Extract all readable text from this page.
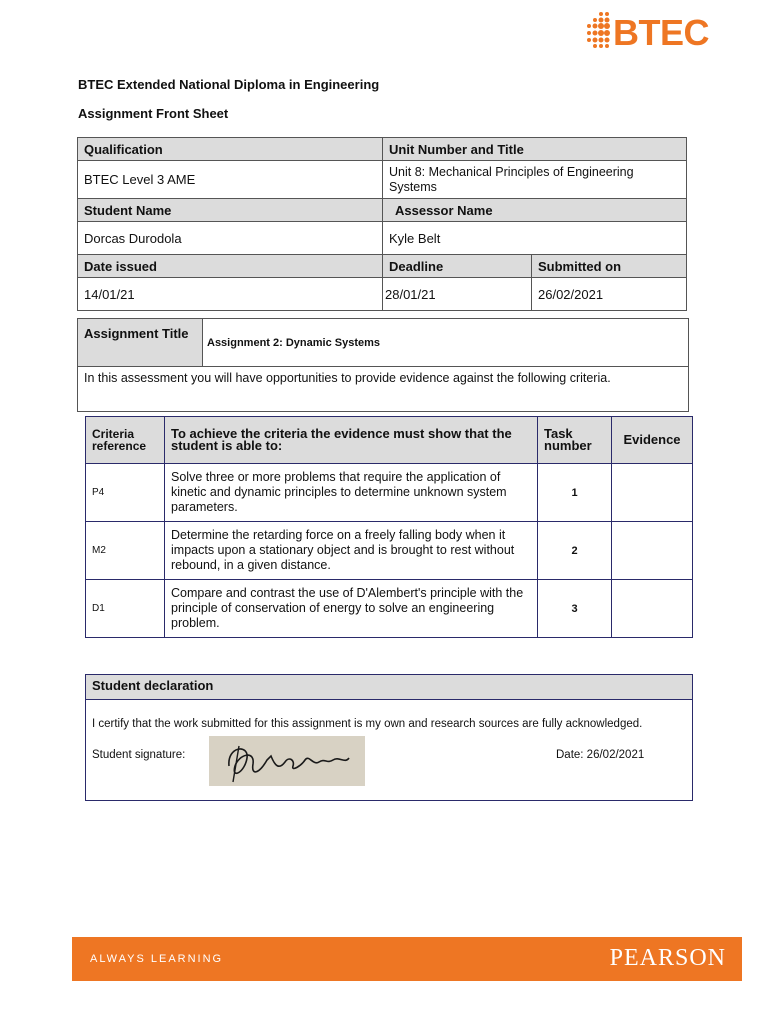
BTEC
BTEC Extended National Diploma in Engineering
Assignment Front Sheet
Qualification	Unit Number and Title	
BTEC Level 3 AME	Unit 8: Mechanical Principles of Engineering Systems	
Student Name	Assessor Name	
Dorcas Durodola	Kyle Belt	
Date issued	Deadline	Submitted on
14/01/21	28/01/21	26/02/2021
Assignment Title
Assignment 2: Dynamic Systems
In this assessment you will have opportunities to provide evidence against the following criteria.
Criteria reference	To achieve the criteria the evidence must show that the student is able to:	Task number	Evidence
P4	Solve three or more problems that require the application of kinetic and dynamic principles to determine unknown system parameters.	1	
M2	Determine the retarding force on a freely falling body when it impacts upon a stationary object and is brought to rest without rebound, in a given distance.	2	
D1	Compare and contrast the use of D'Alembert's principle with the principle of conservation of energy to solve an engineering problem.	3	
Student declaration
I certify that the work submitted for this assignment is my own and research sources are fully acknowledged.
Student signature:	Date: 26/02/2021
ALWAYS LEARNING	PEARSON
